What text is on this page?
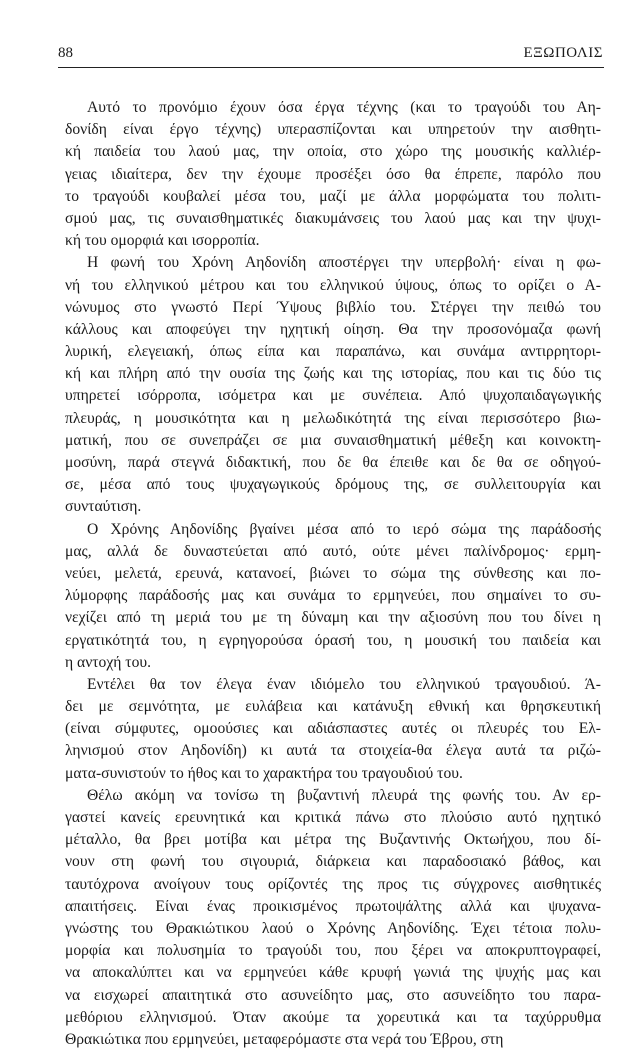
88	ΕΞΩΠΟΛΙΣ
Αυτό το προνόμιο έχουν όσα έργα τέχνης (και το τραγούδι του Αη-
δονίδη είναι έργο τέχνης) υπερασπίζονται και υπηρετούν την αισθητι-
κή παιδεία του λαού μας, την οποία, στο χώρο της μουσικής καλλιέρ-
γειας ιδιαίτερα, δεν την έχουμε προσέξει όσο θα έπρεπε, παρόλο που
το τραγούδι κουβαλεί μέσα του, μαζί με άλλα μορφώματα του πολιτι-
σμού μας, τις συναισθηματικές διακυμάνσεις του λαού μας και την ψυχι-
κή του ομορφιά και ισορροπία.
Η φωνή του Χρόνη Αηδονίδη αποστέργει την υπερβολή· είναι η φω-
νή του ελληνικού μέτρου και του ελληνικού ύψους, όπως το ορίζει ο Α-
νώνυμος στο γνωστό Περί Ύψους βιβλίο του. Στέργει την πειθώ του
κάλλους και αποφεύγει την ηχητική οίηση. Θα την προσονόμαζα φωνή
λυρική, ελεγειακή, όπως είπα και παραπάνω, και συνάμα αντιρρητορι-
κή και πλήρη από την ουσία της ζωής και της ιστορίας, που και τις δύο τις
υπηρετεί ισόρροπα, ισόμετρα και με συνέπεια. Από ψυχοπαιδαγωγικής
πλευράς, η μουσικότητα και η μελωδικότητά της είναι περισσότερο βιω-
ματική, που σε συνεπράζει σε μια συναισθηματική μέθεξη και κοινοκτη-
μοσύνη, παρά στεγνά διδακτική, που δε θα έπειθε και δε θα σε οδηγού-
σε, μέσα από τους ψυχαγωγικούς δρόμους της, σε συλλειτουργία και
συνταύτιση.
Ο Χρόνης Αηδονίδης βγαίνει μέσα από το ιερό σώμα της παράδοσής
μας, αλλά δε δυναστεύεται από αυτό, ούτε μένει παλίνδρομος· ερμη-
νεύει, μελετά, ερευνά, κατανοεί, βιώνει το σώμα της σύνθεσης και πο-
λύμορφης παράδοσής μας και συνάμα το ερμηνεύει, που σημαίνει το συ-
νεχίζει από τη μεριά του με τη δύναμη και την αξιοσύνη που του δίνει η
εργατικότητά του, η εγρηγορούσα όρασή του, η μουσική του παιδεία και
η αντοχή του.
Εντέλει θα τον έλεγα έναν ιδιόμελο του ελληνικού τραγουδιού. Ά-
δει με σεμνότητα, με ευλάβεια και κατάνυξη εθνική και θρησκευτική
(είναι σύμφυτες, ομοούσιες και αδιάσπαστες αυτές οι πλευρές του Ελ-
ληνισμού στον Αηδονίδη) κι αυτά τα στοιχεία-θα έλεγα αυτά τα ριζώ-
ματα-συνιστούν το ήθος και το χαρακτήρα του τραγουδιού του.
Θέλω ακόμη να τονίσω τη βυζαντινή πλευρά της φωνής του. Αν ερ-
γαστεί κανείς ερευνητικά και κριτικά πάνω στο πλούσιο αυτό ηχητικό
μέταλλο, θα βρει μοτίβα και μέτρα της Βυζαντινής Οκτωήχου, που δί-
νουν στη φωνή του σιγουριά, διάρκεια και παραδοσιακό βάθος, και
ταυτόχρονα ανοίγουν τους ορίζοντές της προς τις σύγχρονες αισθητικές
απαιτήσεις. Είναι ένας προικισμένος πρωτοψάλτης αλλά και ψυχανα-
γνώστης του Θρακιώτικου λαού ο Χρόνης Αηδονίδης. Έχει τέτοια πολυ-
μορφία και πολυσημία το τραγούδι του, που ξέρει να αποκρυπτογραφεί,
να αποκαλύπτει και να ερμηνεύει κάθε κρυφή γωνιά της ψυχής μας και
να εισχωρεί απαιτητικά στο ασυνείδητο μας, στο ασυνείδητο του παρα-
μεθόριου ελληνισμού. Όταν ακούμε τα χορευτικά και τα ταχύρρυθμα
Θρακιώτικα που ερμηνεύει, μεταφερόμαστε στα νερά του Έβρου, στη
